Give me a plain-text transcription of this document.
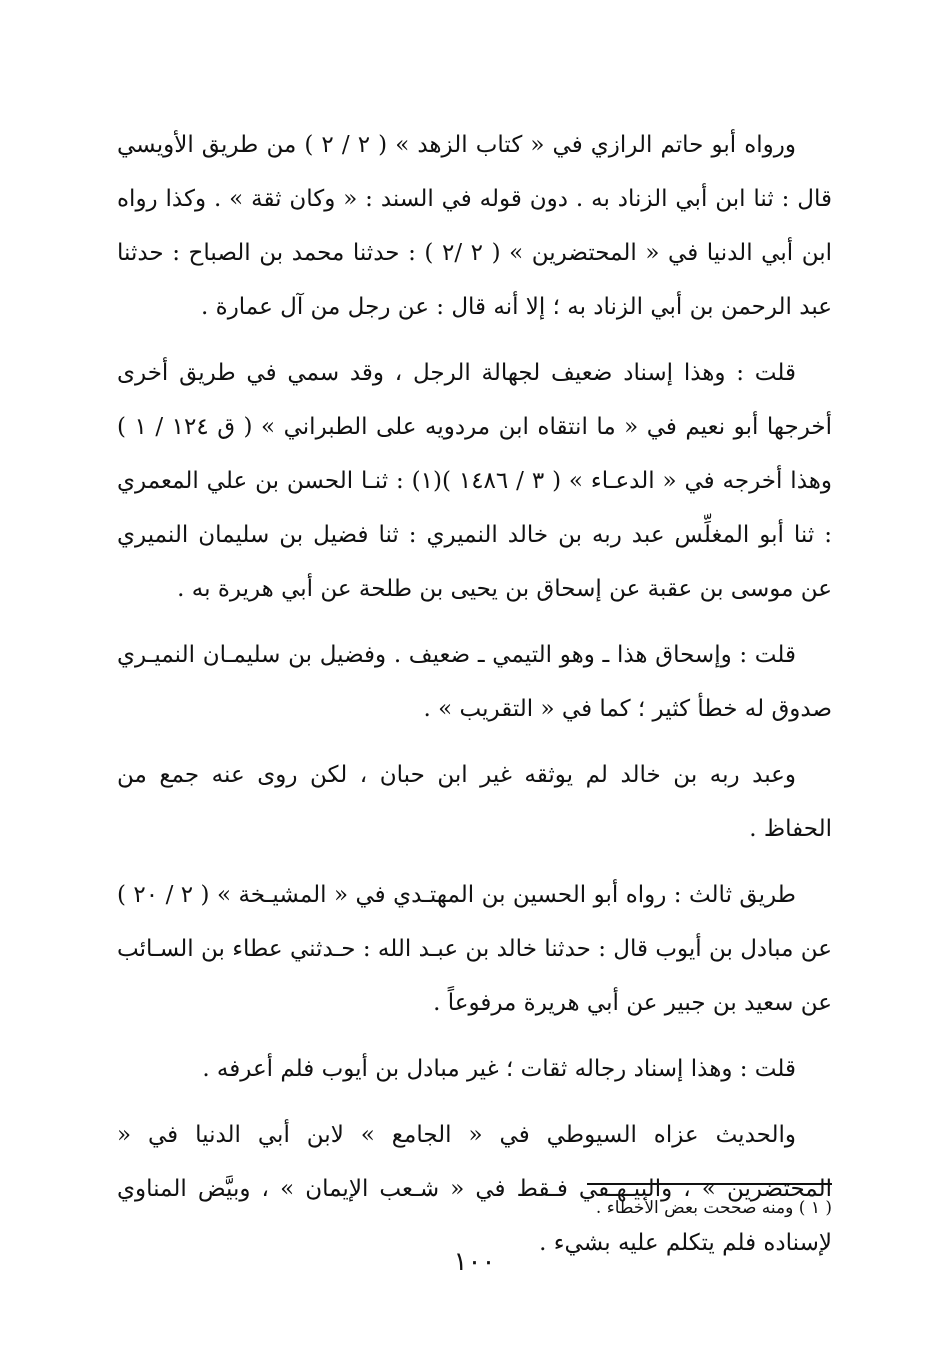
ورواه أبو حاتم الرازي في « كتاب الزهد » ( ٢ / ٢ ) من طريق الأويسي قال : ثنا ابن أبي الزناد به . دون قوله في السند : « وكان ثقة » . وكذا رواه ابن أبي الدنيا في « المحتضرين » ( ٢ /٢ ) : حدثنا محمد بن الصباح : حدثنا عبد الرحمن بن أبي الزناد به ؛ إلا أنه قال : عن رجل من آل عمارة .

قلت : وهذا إسناد ضعيف لجهالة الرجل ، وقد سمي في طريق أخرى أخرجها أبو نعيم في « ما انتقاه ابن مردويه على الطبراني » ( ق ١٢٤ / ١ ) وهذا أخرجه في « الدعـاء » ( ٣ / ١٤٨٦ )(١) : ثنـا الحسن بن علي المعمري : ثنا أبو المغلِّس عبد ربه بن خالد النميري : ثنا فضيل بن سليمان النميري عن موسى بن عقبة عن إسحاق بن يحيى بن طلحة عن أبي هريرة به .

قلت : وإسحاق هذا ـ وهو التيمي ـ ضعيف . وفضيل بن سليمـان النميـري صدوق له خطأ كثير ؛ كما في « التقريب » .

وعبد ربه بن خالد لم يوثقه غير ابن حبان ، لكن روى عنه جمع من الحفاظ .

طريق ثالث : رواه أبو الحسين بن المهتـدي في « المشيـخة » ( ٢ / ٢٠ ) عن مبادل بن أيوب قال : حدثنا خالد بن عبـد الله : حـدثني عطاء بن السـائب عن سعيد بن جبير عن أبي هريرة مرفوعاً .

قلت : وهذا إسناد رجاله ثقات ؛ غير مبادل بن أيوب فلم أعرفه .

والحديث عزاه السيوطي في « الجامع » لابن أبي الدنيا في « المحتضرين » ، والبيـهـقي فـقط في « شـعب الإيمان » ، وبيَّض المناوي لإسناده فلم يتكلم عليه بشيء .

( ١ ) ومنه صححت بعض الأخطاء .
١٠٠
